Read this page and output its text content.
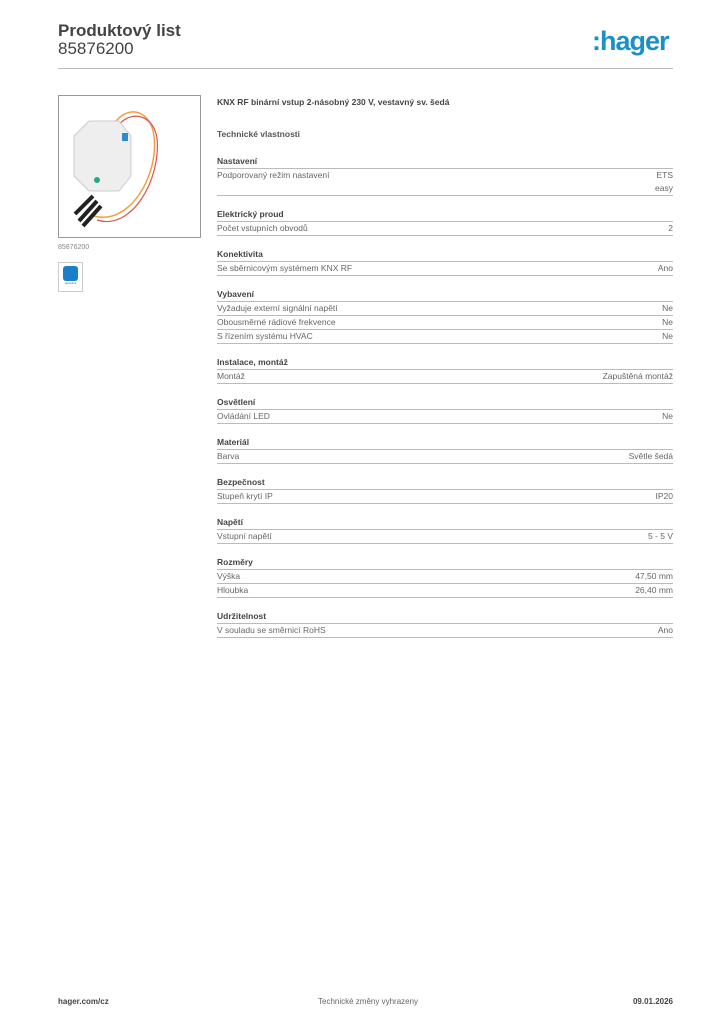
Produktový list
85876200	:hager
85876200
quicklink
KNX RF binární vstup 2-násobný 230 V, vestavný sv. šedá
Technické vlastnosti
Nastavení
Podporovaný režim nastavení	ETS
easy
Elektrický proud
Počet vstupních obvodů	2
Konektivita
Se sběrnicovým systémem KNX RF	Ano
Vybavení
Vyžaduje externí signální napětí	Ne
Obousměrné rádiové frekvence	Ne
S řízením systému HVAC	Ne
Instalace, montáž
Montáž	Zapuštěná montáž
Osvětlení
Ovládání LED	Ne
Materiál
Barva	Světle šedá
Bezpečnost
Stupeň krytí IP	IP20
Napětí
Vstupní napětí	5 - 5 V
Rozměry
Výška	47,50 mm
Hloubka	26,40 mm
Udržitelnost
V souladu se směrnicí RoHS	Ano
hager.com/cz	Technické změny vyhrazeny	09.01.2026
